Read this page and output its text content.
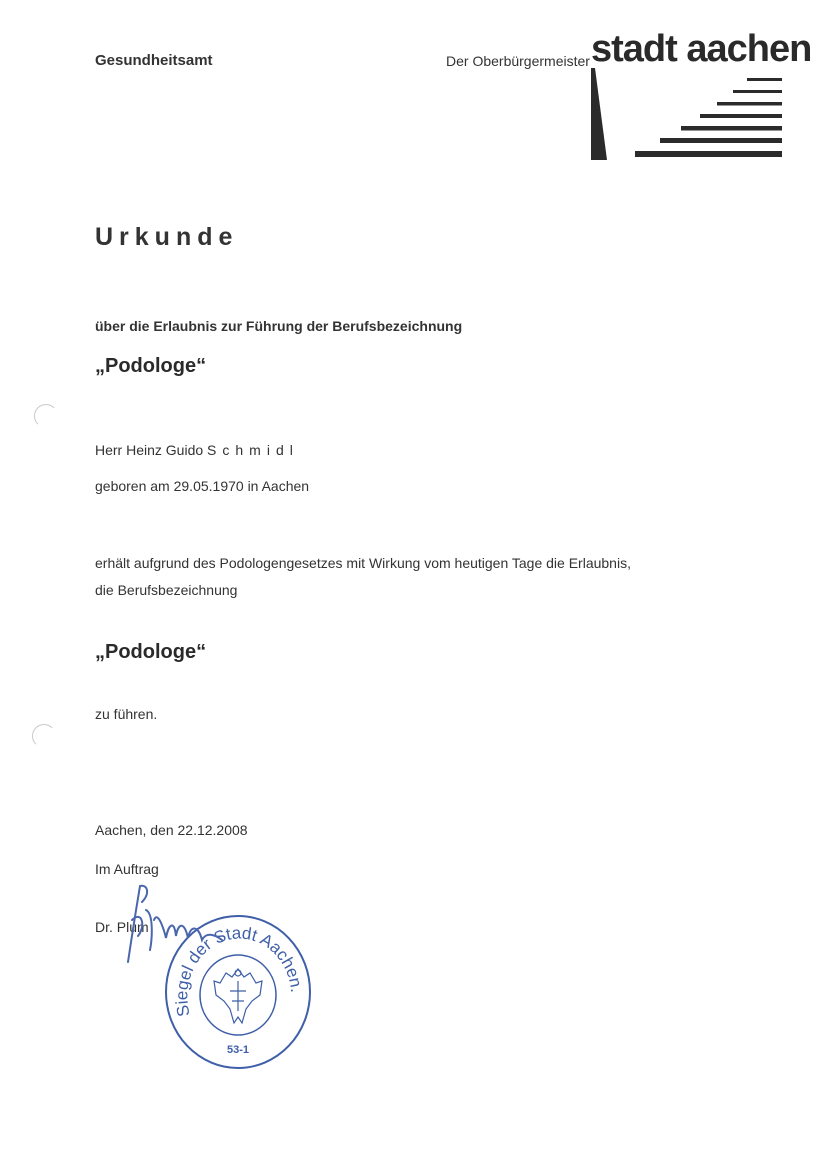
Gesundheitsamt	Der Oberbürgermeister stadt aachen
Urkunde
über die Erlaubnis zur Führung der Berufsbezeichnung
„Podologe“
Herr Heinz Guido Schmidl
geboren am 29.05.1970 in Aachen
erhält aufgrund des Podologengesetzes mit Wirkung vom heutigen Tage die Erlaubnis,
die Berufsbezeichnung
„Podologe“
zu führen.
Aachen, den 22.12.2008
Im Auftrag
Dr. Plum
Siegel der Stadt Aachen.
53-1
